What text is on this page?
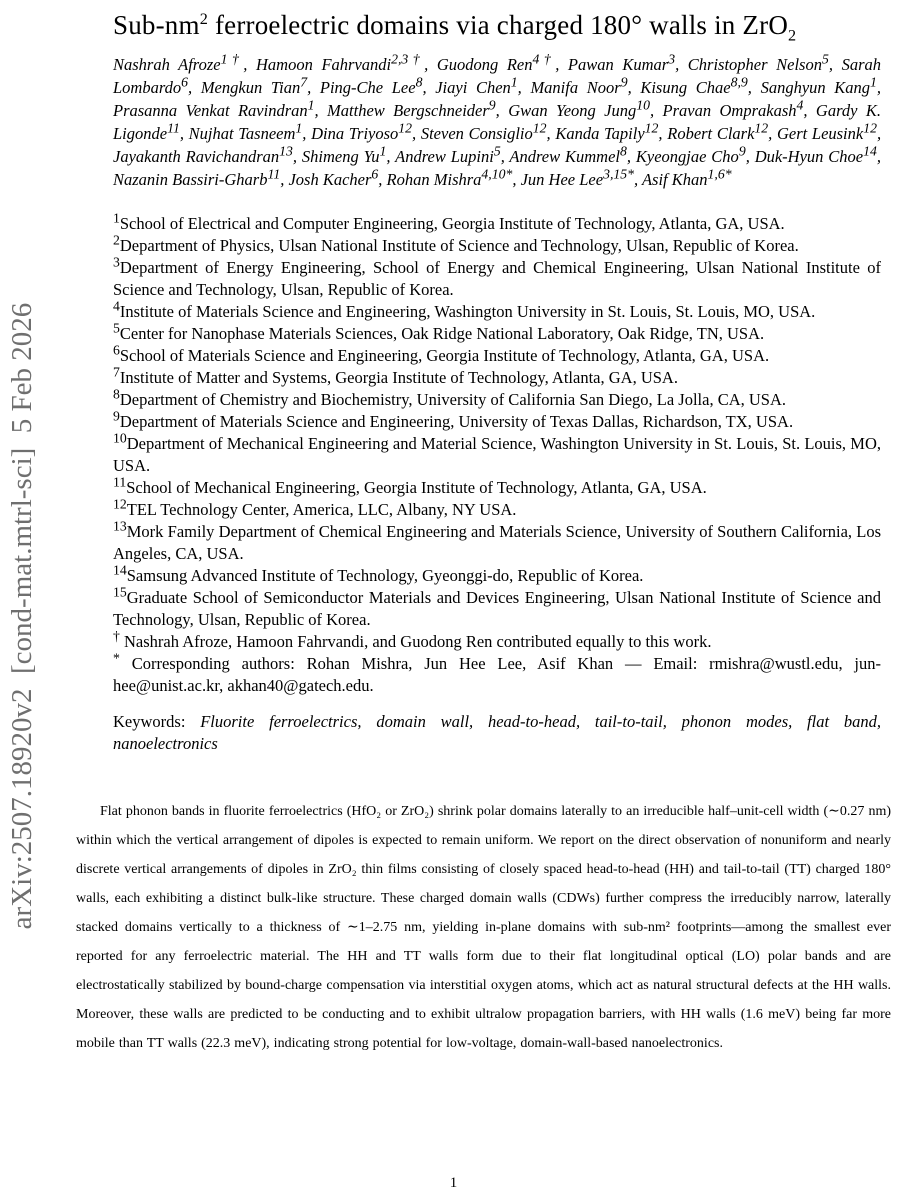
arXiv:2507.18920v2  [cond-mat.mtrl-sci]  5 Feb 2026
Sub-$nm^2$ ferroelectric domains via charged 180° walls in ZrO$_2$

Nashrah Afroze$^{1\dagger}$, Hamoon Fahrvandi$^{2,3\dagger}$, Guodong Ren$^{4\dagger}$, Pawan Kumar$^3$, Christopher Nelson$^5$, Sarah Lombardo$^6$, Mengkun Tian$^7$, Ping-Che Lee$^8$, Jiayi Chen$^1$, Manifa Noor$^9$, Kisung Chae$^{8,9}$, Sanghyun Kang$^1$, Prasanna Venkat Ravindran$^1$, Matthew Bergschneider$^9$, Gwan Yeong Jung$^{10}$, Pravan Omprakash$^4$, Gardy K. Ligonde$^{11}$, Nujhat Tasneem$^1$, Dina Triyoso$^{12}$, Steven Consiglio$^{12}$, Kanda Tapily$^{12}$, Robert Clark$^{12}$, Gert Leusink$^{12}$, Jayakanth Ravichandran$^{13}$, Shimeng Yu$^1$, Andrew Lupini$^5$, Andrew Kummel$^8$, Kyeongjae Cho$^9$, Duk-Hyun Choe$^{14}$, Nazanin Bassiri-Gharb$^{11}$, Josh Kacher$^6$, Rohan Mishra$^{4,10*}$, Jun Hee Lee$^{3,15*}$, Asif Khan$^{1,6*}$

$^1$School of Electrical and Computer Engineering, Georgia Institute of Technology, Atlanta, GA, USA.

$^2$Department of Physics, Ulsan National Institute of Science and Technology, Ulsan, Republic of Korea.

$^3$Department of Energy Engineering, School of Energy and Chemical Engineering, Ulsan National Institute of Science and Technology, Ulsan, Republic of Korea.

$^4$Institute of Materials Science and Engineering, Washington University in St. Louis, St. Louis, MO, USA.

$^5$Center for Nanophase Materials Sciences, Oak Ridge National Laboratory, Oak Ridge, TN, USA.

$^6$School of Materials Science and Engineering, Georgia Institute of Technology, Atlanta, GA, USA.

$^7$Institute of Matter and Systems, Georgia Institute of Technology, Atlanta, GA, USA.

$^8$Department of Chemistry and Biochemistry, University of California San Diego, La Jolla, CA, USA.

$^9$Department of Materials Science and Engineering, University of Texas Dallas, Richardson, TX, USA.

$^{10}$Department of Mechanical Engineering and Material Science, Washington University in St. Louis, St. Louis, MO, USA.

$^{11}$School of Mechanical Engineering, Georgia Institute of Technology, Atlanta, GA, USA.

$^{12}$TEL Technology Center, America, LLC, Albany, NY USA.

$^{13}$Mork Family Department of Chemical Engineering and Materials Science, University of Southern California, Los Angeles, CA, USA.

$^{14}$Samsung Advanced Institute of Technology, Gyeonggi-do, Republic of Korea.

$^{15}$Graduate School of Semiconductor Materials and Devices Engineering, Ulsan National Institute of Science and Technology, Ulsan, Republic of Korea.

† Nashrah Afroze, Hamoon Fahrvandi, and Guodong Ren contributed equally to this work.

* Corresponding authors: Rohan Mishra, Jun Hee Lee, Asif Khan — Email: rmishra@wustl.edu, jun-hee@unist.ac.kr, akhan40@gatech.edu.

Keywords: Fluorite ferroelectrics, domain wall, head-to-head, tail-to-tail, phonon modes, flat band, nanoelectronics

Flat phonon bands in fluorite ferroelectrics (HfO₂ or ZrO₂) shrink polar domains laterally to an irreducible half–unit-cell width (∼0.27 nm) within which the vertical arrangement of dipoles is expected to remain uniform. We report on the direct observation of nonuniform and nearly discrete vertical arrangements of dipoles in ZrO₂ thin films consisting of closely spaced head-to-head (HH) and tail-to-tail (TT) charged 180° walls, each exhibiting a distinct bulk-like structure. These charged domain walls (CDWs) further compress the irreducibly narrow, laterally stacked domains vertically to a thickness of ∼1–2.75 nm, yielding in-plane domains with sub-nm² footprints—among the smallest ever reported for any ferroelectric material. The HH and TT walls form due to their flat longitudinal optical (LO) polar bands and are electrostatically stabilized by bound-charge compensation via interstitial oxygen atoms, which act as natural structural defects at the HH walls. Moreover, these walls are predicted to be conducting and to exhibit ultralow propagation barriers, with HH walls (1.6 meV) being far more mobile than TT walls (22.3 meV), indicating strong potential for low-voltage, domain-wall-based nanoelectronics.

1
